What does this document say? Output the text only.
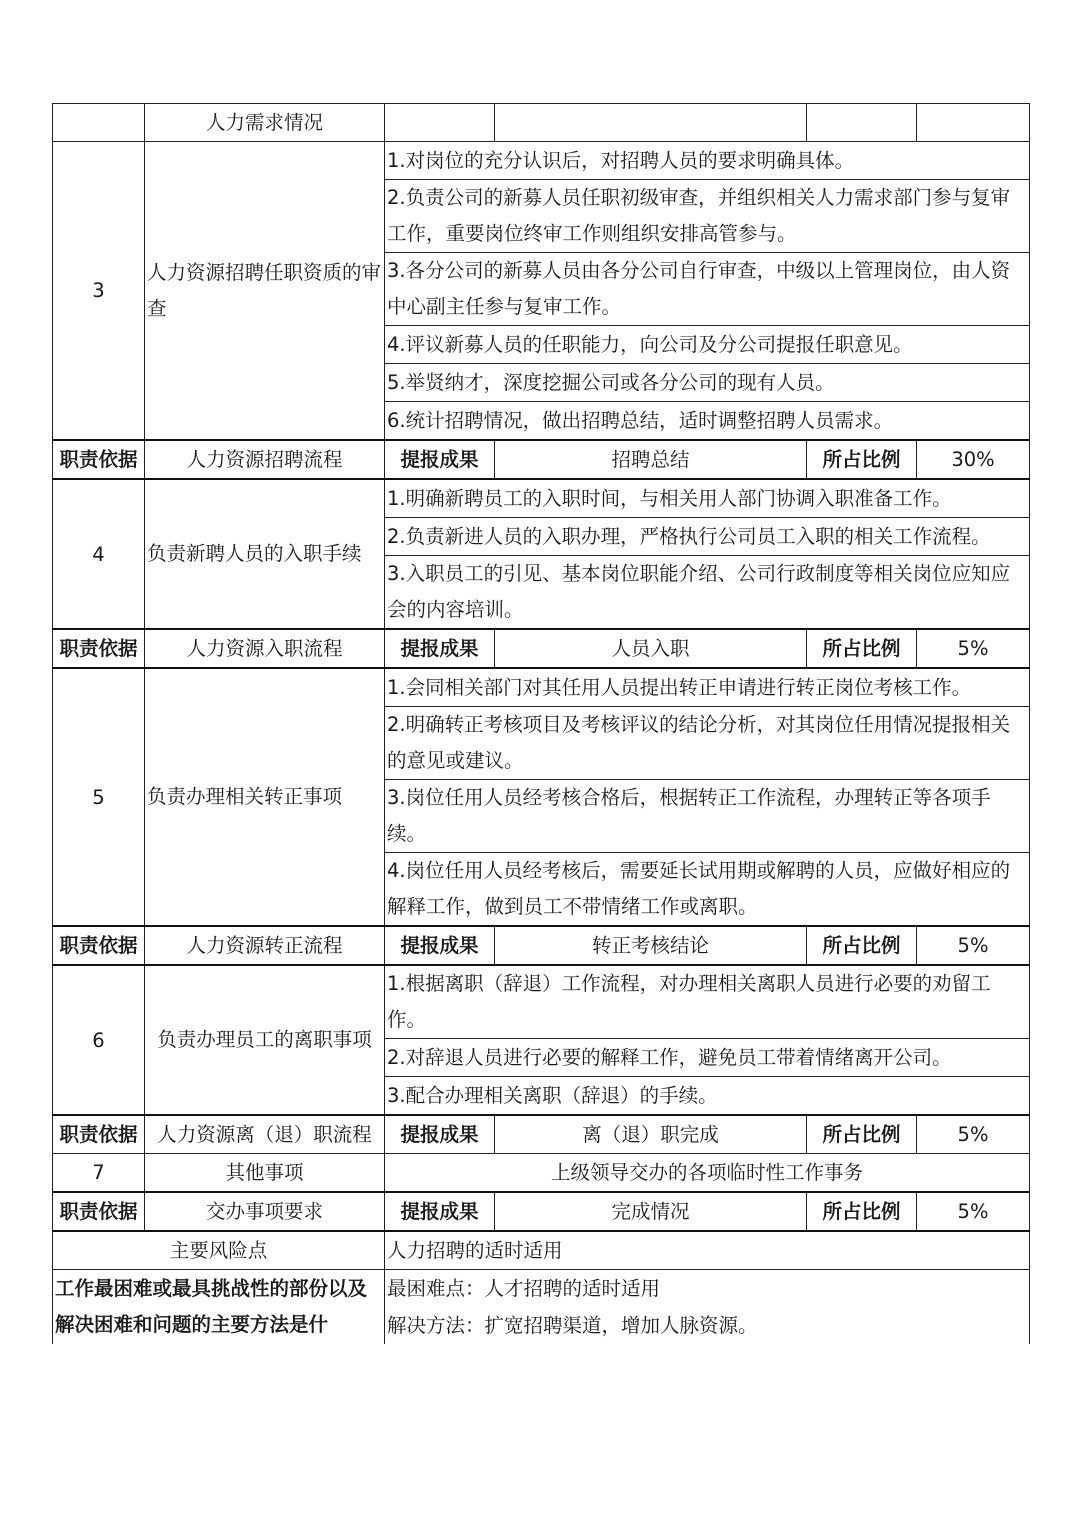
	人力需求情况				
3	人力资源招聘任职资质的审查	1.对岗位的充分认识后，对招聘人员的要求明确具体。			
		2.负责公司的新募人员任职初级审查，并组织相关人力需求部门参与复审工作，重要岗位终审工作则组织安排高管参与。			

		3.各分公司的新募人员由各分公司自行审查，中级以上管理岗位，由人资中心副主任参与复审工作。			

		4.评议新募人员的任职能力，向公司及分公司提报任职意见。			
		5.举贤纳才，深度挖掘公司或各分公司的现有人员。			
		6.统计招聘情况，做出招聘总结，适时调整招聘人员需求。			
职责依据	人力资源招聘流程	提报成果	招聘总结	所占比例	30%
4	负责新聘人员的入职手续	1.明确新聘员工的入职时间，与相关用人部门协调入职准备工作。			
		2.负责新进人员的入职办理，严格执行公司员工入职的相关工作流程。			

		3.入职员工的引见、基本岗位职能介绍、公司行政制度等相关岗位应知应会的内容培训。			

职责依据	人力资源入职流程	提报成果	人员入职	所占比例	5%
5	负责办理相关转正事项	1.会同相关部门对其任用人员提出转正申请进行转正岗位考核工作。			
		2.明确转正考核项目及考核评议的结论分析，对其岗位任用情况提报相关的意见或建议。			

		3.岗位任用人员经考核合格后，根据转正工作流程，办理转正等各项手续。			

		4.岗位任用人员经考核后，需要延长试用期或解聘的人员，应做好相应的解释工作，做到员工不带情绪工作或离职。			

职责依据	人力资源转正流程	提报成果	转正考核结论	所占比例	5%
6	负责办理员工的离职事项	1.根据离职（辞退）工作流程，对办理相关离职人员进行必要的劝留工作。			

		2.对辞退人员进行必要的解释工作，避免员工带着情绪离开公司。			
		3.配合办理相关离职（辞退）的手续。			
职责依据	人力资源离（退）职流程	提报成果	离（退）职完成	所占比例	5%
7	其他事项	上级领导交办的各项临时性工作事务			
职责依据	交办事项要求	提报成果	完成情况	所占比例	5%
主要风险点		人力招聘的适时适用			
工作最困难或最具挑战性的部份以及解决困难和问题的主要方法是什		最困难点：人才招聘的适时适用			
		解决方法：扩宽招聘渠道，增加人脉资源。			
